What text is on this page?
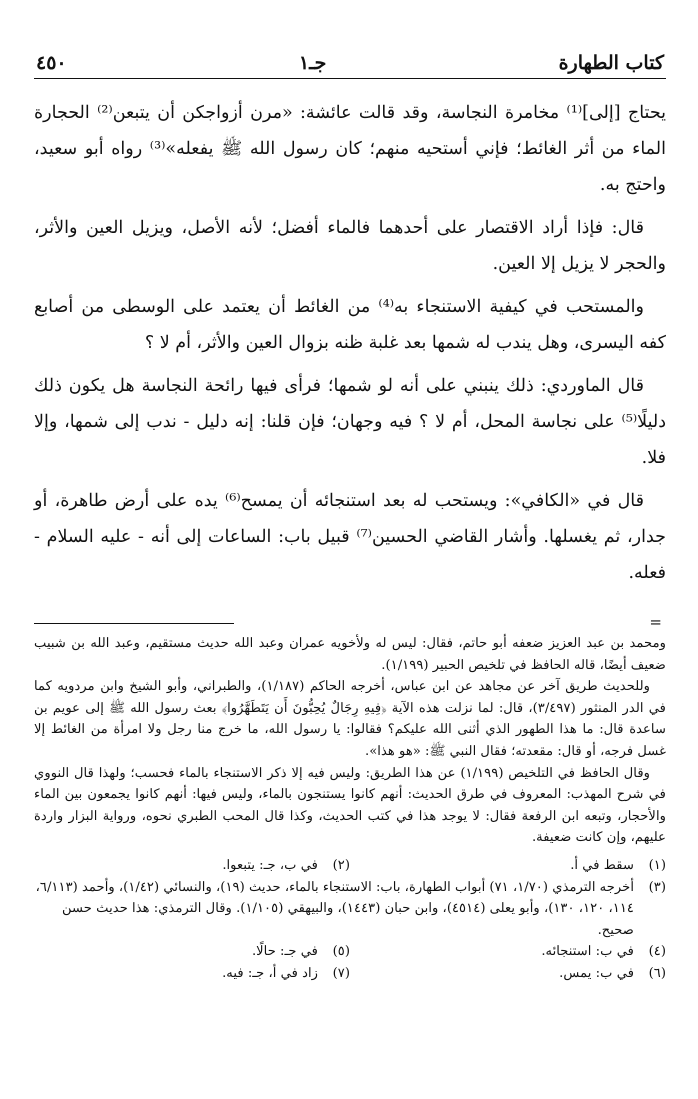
كتاب الطهارة
جـ١
٤٥٠

يحتاج [إلى]⁽¹⁾ مخامرة النجاسة، وقد قالت عائشة: «مرن أزواجكن أن يتبعن⁽²⁾ الحجارة الماء من أثر الغائط؛ فإني أستحيه منهم؛ كان رسول الله ﷺ يفعله»⁽³⁾ رواه أبو سعيد، واحتج به.

قال: فإذا أراد الاقتصار على أحدهما فالماء أفضل؛ لأنه الأصل، ويزيل العين والأثر، والحجر لا يزيل إلا العين.

والمستحب في كيفية الاستنجاء به⁽⁴⁾ من الغائط أن يعتمد على الوسطى من أصابع كفه اليسرى، وهل يندب له شمها بعد غلبة ظنه بزوال العين والأثر، أم لا ؟

قال الماوردي: ذلك ينبني على أنه لو شمها؛ فرأى فيها رائحة النجاسة هل يكون ذلك دليلًا⁽⁵⁾ على نجاسة المحل، أم لا ؟ فيه وجهان؛ فإن قلنا: إنه دليل - ندب إلى شمها، وإلا فلا.

قال في «الكافي»: ويستحب له بعد استنجائه أن يمسح⁽⁶⁾ يده على أرض طاهرة، أو جدار، ثم يغسلها. وأشار القاضي الحسين⁽⁷⁾ قبيل باب: الساعات إلى أنه - عليه السلام - فعله.

=

ومحمد بن عبد العزيز ضعفه أبو حاتم، فقال: ليس له ولأخويه عمران وعبد الله حديث مستقيم، وعبد الله بن شبيب ضعيف أيضًا، قاله الحافظ في تلخيص الحبير (١/١٩٩).

وللحديث طريق آخر عن مجاهد عن ابن عباس، أخرجه الحاكم (١/١٨٧)، والطبراني، وأبو الشيخ وابن مردويه كما في الدر المنثور (٣/٤٩٧)، قال: لما نزلت هذه الآية ﴿فِيهِ رِجَالٌ يُحِبُّونَ أَن يَتَطَهَّرُوا﴾ بعث رسول الله ﷺ إلى عويم بن ساعدة قال: ما هذا الطهور الذي أثنى الله عليكم؟ فقالوا: يا رسول الله، ما خرج منا رجل ولا امرأة من الغائط إلا غسل فرجه، أو قال: مقعدته؛ فقال النبي ﷺ: «هو هذا».

وقال الحافظ في التلخيص (١/١٩٩) عن هذا الطريق: وليس فيه إلا ذكر الاستنجاء بالماء فحسب؛ ولهذا قال النووي في شرح المهذب: المعروف في طرق الحديث: أنهم كانوا يستنجون بالماء، وليس فيها: أنهم كانوا يجمعون بين الماء والأحجار، وتبعه ابن الرفعة فقال: لا يوجد هذا في كتب الحديث، وكذا قال المحب الطبري نحوه، ورواية البزار واردة عليهم، وإن كانت ضعيفة.

(١)
سقط في أ.
(٢)
في ب، جـ: يتبعوا.
(٣)
أخرجه الترمذي (١/٧٠، ٧١) أبواب الطهارة، باب: الاستنجاء بالماء، حديث (١٩)، والنسائي (١/٤٢)، وأحمد (٦/١١٣، ١١٤، ١٢٠، ١٣٠)، وأبو يعلى (٤٥١٤)، وابن حبان (١٤٤٣)، والبيهقي (١/١٠٥). وقال الترمذي: هذا حديث حسن صحيح.
(٤)
في ب: استنجائه.
(٥)
في جـ: حالًا.
(٦)
في ب: يمس.
(٧)
زاد في أ، جـ: فيه.
